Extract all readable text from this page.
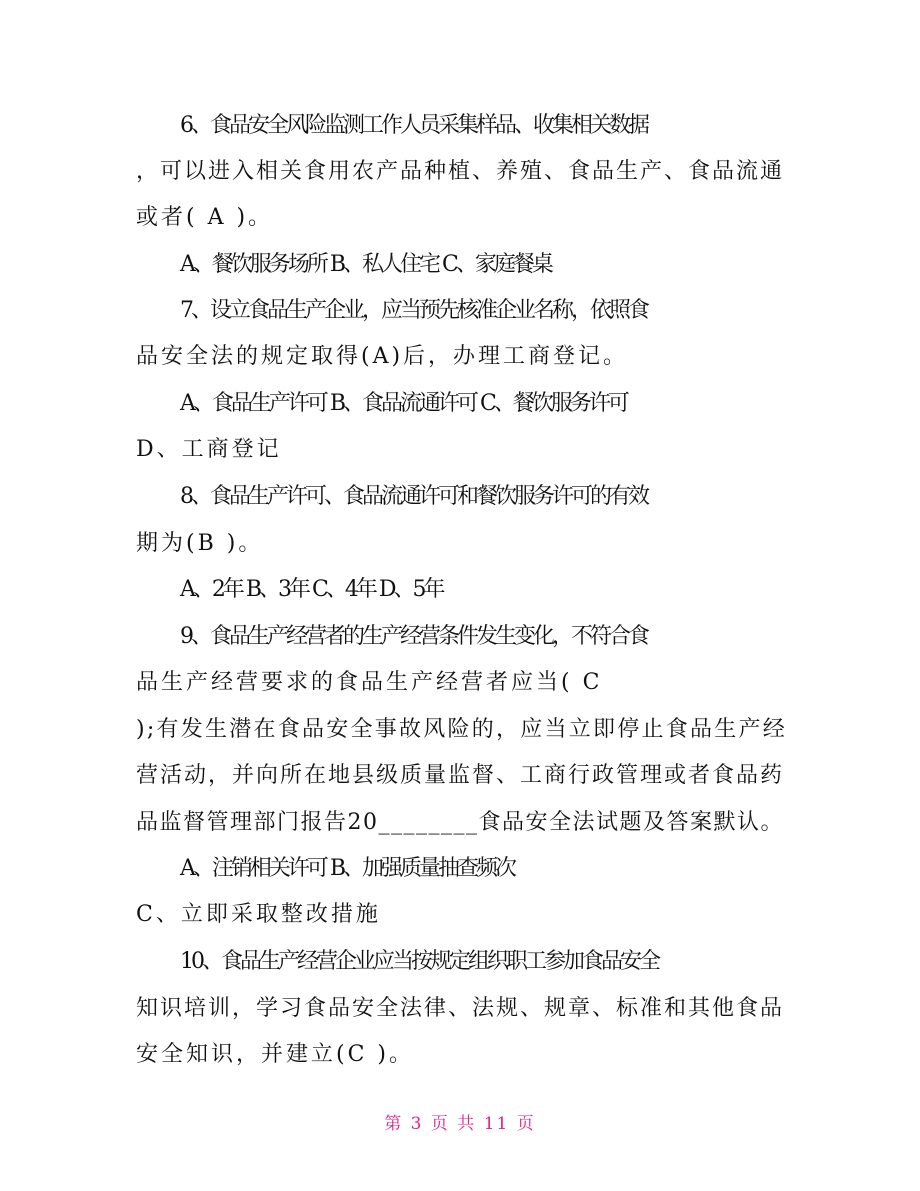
6、食品安全风险监测工作人员采集样品、收集相关数据
，可以进入相关食用农产品种植、养殖、食品生产、食品流通
或者( A )。
A、餐饮服务场所 B、私人住宅 C、家庭餐桌
7、设立食品生产企业，应当预先核准企业名称，依照食
品安全法的规定取得(A)后，办理工商登记。
A、食品生产许可 B、食品流通许可 C、餐饮服务许可
D、工商登记
8、食品生产许可、食品流通许可和餐饮服务许可的有效
期为(B )。
A、2年 B、3年 C、4年 D、5年
9、食品生产经营者的生产经营条件发生变化，不符合食
品生产经营要求的食品生产经营者应当( C
);有发生潜在食品安全事故风险的，应当立即停止食品生产经
营活动，并向所在地县级质量监督、工商行政管理或者食品药
品监督管理部门报告20________食品安全法试题及答案默认。
A、注销相关许可 B、加强质量抽查频次
C、立即采取整改措施
10、食品生产经营企业应当按规定组织职工参加食品安全
知识培训，学习食品安全法律、法规、规章、标准和其他食品
安全知识，并建立(C )。
第 3 页 共 11 页
